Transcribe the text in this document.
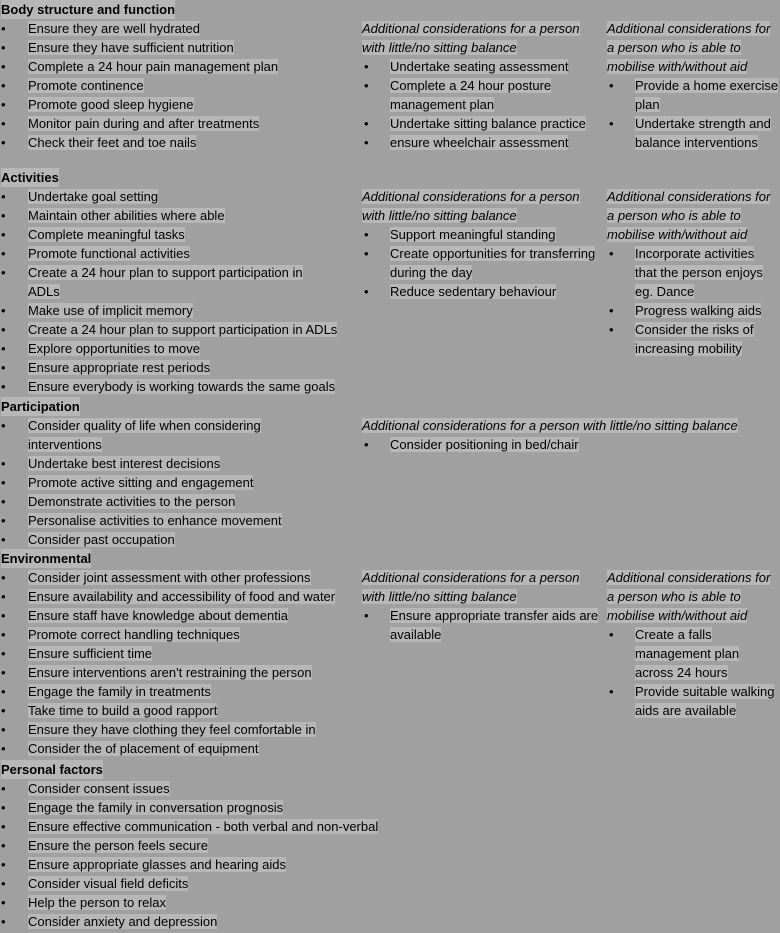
Body structure and function
• Ensure they are well hydrated
• Ensure they have sufficient nutrition
• Complete a 24 hour pain management plan
• Promote continence
• Promote good sleep hygiene
• Monitor pain during and after treatments
• Check their feet and toe nails
Additional considerations for a person with little/no sitting balance
• Undertake seating assessment
• Complete a 24 hour posture management plan
• Undertake sitting balance practice
• ensure wheelchair assessment
Additional considerations for a person who is able to mobilise with/without aid
• Provide a home exercise plan
• Undertake strength and balance interventions
Activities
• Undertake goal setting
• Maintain other abilities where able
• Complete meaningful tasks
• Promote functional activities
• Create a 24 hour plan to support participation in ADLs
• Make use of implicit memory
• Create a 24 hour plan to support participation in ADLs
• Explore opportunities to move
• Ensure appropriate rest periods
• Ensure everybody is working towards the same goals
Additional considerations for a person with little/no sitting balance
• Support meaningful standing
• Create opportunities for transferring during the day
• Reduce sedentary behaviour
Additional considerations for a person who is able to mobilise with/without aid
• Incorporate activities that the person enjoys eg. Dance
• Progress walking aids
• Consider the risks of increasing mobility
Participation
• Consider quality of life when considering interventions
• Undertake best interest decisions
• Promote active sitting and engagement
• Demonstrate activities to the person
• Personalise activities to enhance movement
• Consider past occupation
Additional considerations for a person with little/no sitting balance
• Consider positioning in bed/chair
Environmental
• Consider joint assessment with other professions
• Ensure availability and accessibility of food and water
• Ensure staff have knowledge about dementia
• Promote correct handling techniques
• Ensure sufficient time
• Ensure interventions aren't restraining the person
• Engage the family in treatments
• Take time to build a good rapport
• Ensure they have clothing they feel comfortable in
• Consider the of placement of equipment
Additional considerations for a person with little/no sitting balance
• Ensure appropriate transfer aids are available
Additional considerations for a person who is able to mobilise with/without aid
• Create a falls management plan across 24 hours
• Provide suitable walking aids are available
Personal factors
• Consider consent issues
• Engage the family in conversation prognosis
• Ensure effective communication - both verbal and non-verbal
• Ensure the person feels secure
• Ensure appropriate glasses and hearing aids
• Consider visual field deficits
• Help the person to relax
• Consider anxiety and depression
